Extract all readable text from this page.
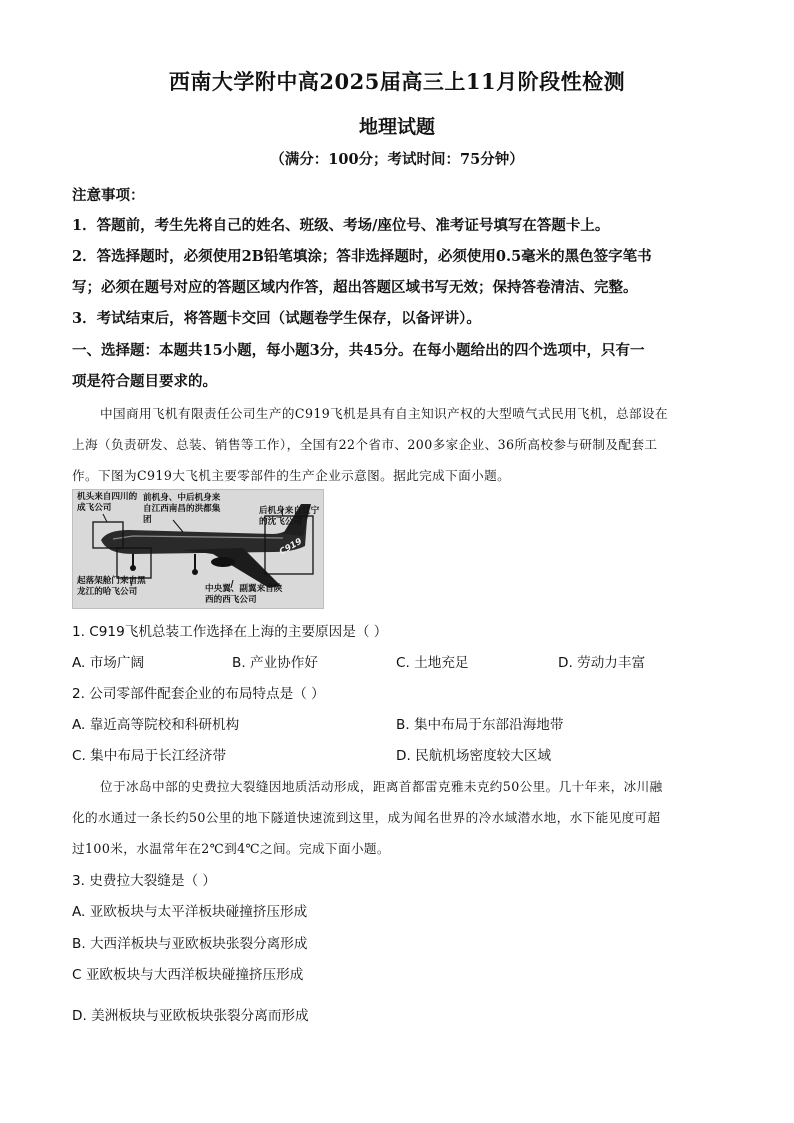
西南大学附中高2025届高三上11月阶段性检测
地理试题
（满分：100分；考试时间：75分钟）
注意事项：
1．答题前，考生先将自己的姓名、班级、考场/座位号、准考证号填写在答题卡上。
2．答选择题时，必须使用2B铅笔填涂；答非选择题时，必须使用0.5毫米的黑色签字笔书
写；必须在题号对应的答题区域内作答，超出答题区域书写无效；保持答卷清洁、完整。
3．考试结束后，将答题卡交回（试题卷学生保存，以备评讲）。
一、选择题：本题共15小题，每小题3分，共45分。在每小题给出的四个选项中，只有一
项是符合题目要求的。
中国商用飞机有限责任公司生产的C919飞机是具有自主知识产权的大型喷气式民用飞机，总部设在
上海（负责研发、总装、销售等工作），全国有22个省市、200多家企业、36所高校参与研制及配套工
作。下图为C919大飞机主要零部件的生产企业示意图。据此完成下面小题。
机头来自四川的成飞公司
前机身、中后机身来自江西南昌的洪都集团
后机身来自辽宁的沈飞公司
起落架舱门来自黑龙江的哈飞公司	中央翼、副翼来自陕西的西飞公司
C919
1. C919飞机总装工作选择在上海的主要原因是（ ）
A. 市场广阔	B. 产业协作好	C. 土地充足	D. 劳动力丰富
2. 公司零部件配套企业的布局特点是（ ）
A. 靠近高等院校和科研机构	B. 集中布局于东部沿海地带
C. 集中布局于长江经济带	D. 民航机场密度较大区域
位于冰岛中部的史费拉大裂缝因地质活动形成，距离首都雷克雅未克约50公里。几十年来，冰川融
化的水通过一条长约50公里的地下隧道快速流到这里，成为闻名世界的冷水域潜水地，水下能见度可超
过100米，水温常年在2℃到4℃之间。完成下面小题。
3. 史费拉大裂缝是（ ）
A. 亚欧板块与太平洋板块碰撞挤压形成
B. 大西洋板块与亚欧板块张裂分离形成
C 亚欧板块与大西洋板块碰撞挤压形成
D. 美洲板块与亚欧板块张裂分离而形成
